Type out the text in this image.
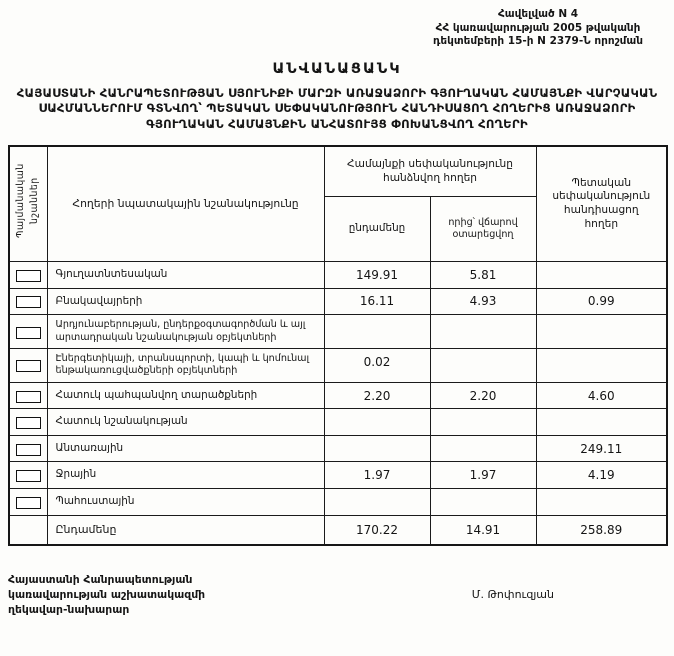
Հավելված N 4
ՀՀ կառավարության 2005 թվականի
դեկտեմբերի 15-ի N 2379-Ն որոշման
ԱՆՎԱՆԱՑԱՆԿ
ՀԱՅԱՍՏԱՆԻ ՀԱՆՐԱՊԵՏՈՒԹՅԱՆ ՍՅՈՒՆԻՔԻ ՄԱՐԶԻ ԱՌԱՋԱՁՈՐԻ ԳՅՈՒՂԱԿԱՆ ՀԱՄԱՅՆՔԻ ՎԱՐՉԱԿԱՆ ՍԱՀՄԱՆՆԵՐՈՒՄ ԳՏՆՎՈՂ՝ ՊԵՏԱԿԱՆ ՍԵՓԱԿԱՆՈՒԹՅՈՒՆ ՀԱՆԴԻՍԱՑՈՂ ՀՈՂԵՐԻՑ ԱՌԱՋԱՁՈՐԻ ԳՅՈՒՂԱԿԱՆ ՀԱՄԱՅՆՔԻՆ ԱՆՀԱՏՈՒՅՑ ՓՈԽԱՆՑՎՈՂ ՀՈՂԵՐԻ
Պայմանական նշաններ	Հողերի նպատակային նշանակությունը	Համայնքի սեփականությունը հանձնվող հողեր		Պետական սեփականություն հանդիսացող հողեր
		ընդամենը	որից՝ վճարով օտարեցվող	
	Գյուղատնտեսական	149.91	5.81	
	Բնակավայրերի	16.11	4.93	0.99
	Արդյունաբերության, ընդերքօգտագործման և այլ արտադրական նշանակության օբյեկտների			
	Էներգետիկայի, տրանսպորտի, կապի և կոմունալ ենթակառուցվածքների օբյեկտների	0.02		
	Հատուկ պահպանվող տարածքների	2.20	2.20	4.60
	Հատուկ նշանակության			
	Անտառային			249.11
	Ջրային	1.97	1.97	4.19
	Պահուստային			
	Ընդամենը	170.22	14.91	258.89
Հայաստանի Հանրապետության
կառավարության աշխատակազմի
ղեկավար-նախարար
Մ. Թոփուզյան
